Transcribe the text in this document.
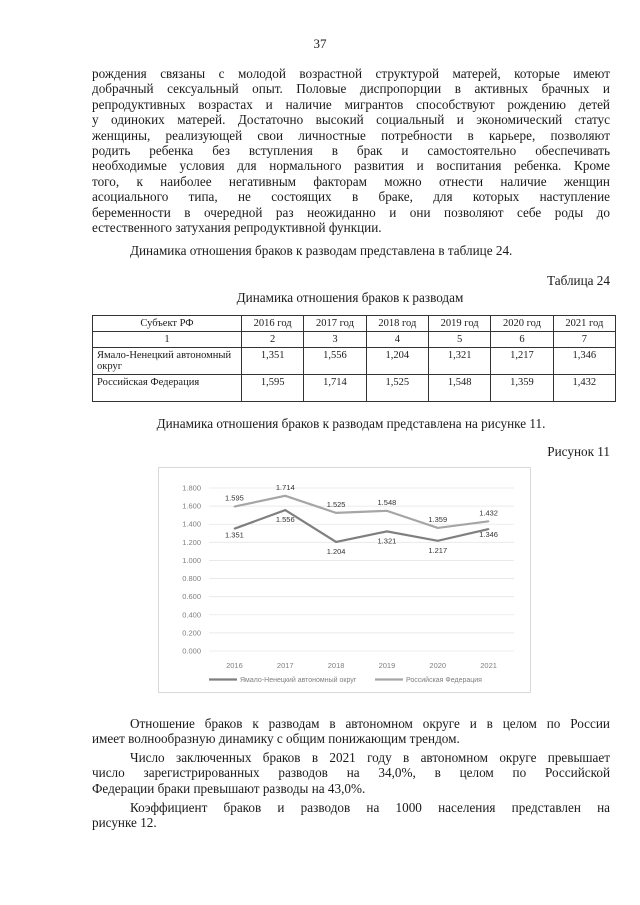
37
рождения связаны с молодой возрастной структурой матерей, которые имеют
добрачный сексуальный опыт. Половые диспропорции в активных брачных и
репродуктивных возрастах и наличие мигрантов способствуют рождению детей
у одиноких матерей. Достаточно высокий социальный и экономический статус
женщины, реализующей свои личностные потребности в карьере, позволяют
родить ребенка без вступления в брак и самостоятельно обеспечивать
необходимые условия для нормального развития и воспитания ребенка. Кроме
того, к наиболее негативным факторам можно отнести наличие женщин
асоциального типа, не состоящих в браке, для которых наступление
беременности в очередной раз неожиданно и они позволяют себе роды до
естественного затухания репродуктивной функции.
Динамика отношения браков к разводам представлена в таблице 24.
Таблица 24
Динамика отношения браков к разводам
Субъект РФ	2016 год	2017 год	2018 год	2019 год	2020 год	2021 год
1	2	3	4	5	6	7
Ямало-Ненецкий автономный округ	1,351	1,556	1,204	1,321	1,217	1,346
Российская Федерация	1,595	1,714	1,525	1,548	1,359	1,432
Динамика отношения браков к разводам представлена на рисунке 11.
Рисунок 11
0.000
0.200
0.400
0.600
0.800
1.000
1.200
1.400
1.600
1.800
2016	2017	2018	2019	2020	2021
1.351
1.556
1.204
1.321
1.217
1.346
1.595
1.714
1.525	1.548
1.359
1.432
Ямало-Ненецкий автономный округ	Российская Федерация
Отношение браков к разводам в автономном округе и в целом по России
имеет волнообразную динамику с общим понижающим трендом.
Число заключенных браков в 2021 году в автономном округе превышает
число зарегистрированных разводов на 34,0%, в целом по Российской
Федерации браки превышают разводы на 43,0%.
Коэффициент браков и разводов на 1000 населения представлен на
рисунке 12.
